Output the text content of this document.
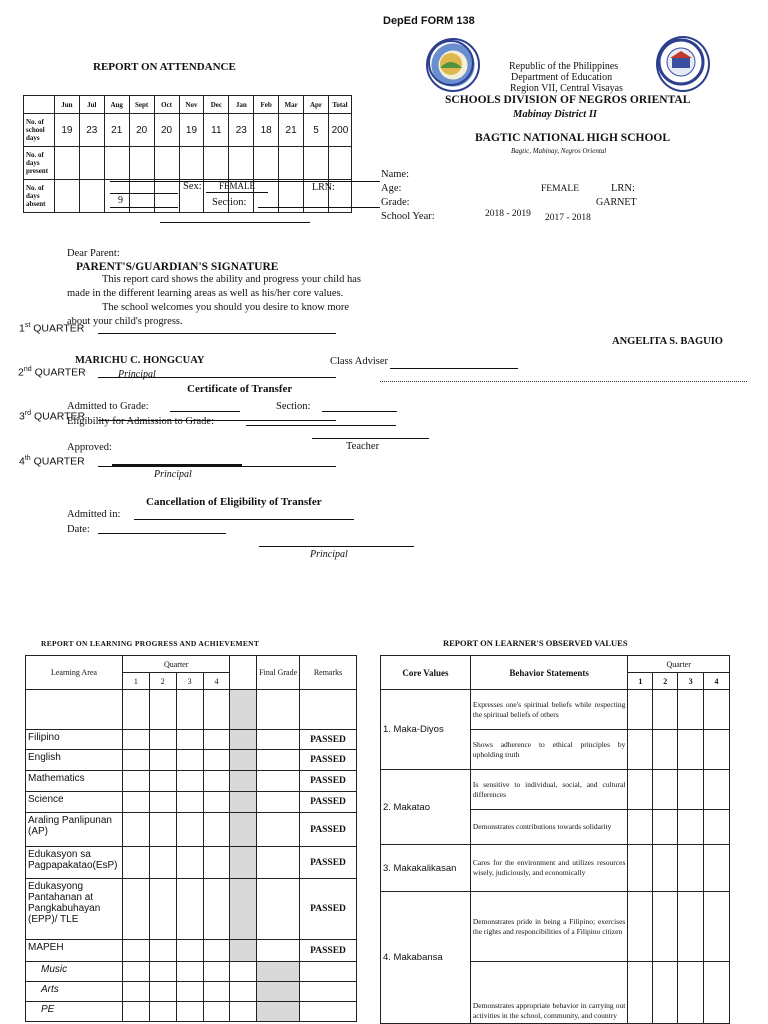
DepEd FORM 138
Republic of the Philippines
Department of Education
Region VII, Central Visayas
SCHOOLS DIVISION OF NEGROS ORIENTAL
Mabinay District II
BAGTIC NATIONAL HIGH SCHOOL
Bagtic, Mabinay, Negros Oriental
REPORT ON ATTENDANCE
	Jun	Jul	Aug	Sept	Oct	Nov	Dec	Jan	Feb	Mar	Apr	Total
No. of school days	19	23	21	20	20	19	11	23	18	21	5	200
No. of days present												
No. of days absent												
Sex: FEMALE	LRN:
9	Section:
Name:
Age:	FEMALE	LRN:
Grade:	GARNET
School Year:	2018 - 2019 2017 - 2018
Dear Parent:
PARENT'S/GUARDIAN'S SIGNATURE
This report card shows the ability and progress your child has
made in the different learning areas as well as his/her core values.
The school welcomes you should you desire to know more
about your child's progress.
1st QUARTER
2nd QUARTER
3rd QUARTER
4th QUARTER
MARICHU C. HONGCUAY
Principal
Class Adviser
ANGELITA S. BAGUIO
Certificate of Transfer
Admitted to Grade:	Section:
Eligibility for Admission to Grade:
Approved:	Teacher
Principal
Cancellation of Eligibility of Transfer
Admitted in:
Date:
Principal
REPORT ON LEARNING PROGRESS AND ACHIEVEMENT
Learning Area	Quarter					Final Grade	Remarks
	1	2	3	4			

Filipino							PASSED
English							PASSED
Mathematics							PASSED
Science							PASSED
Araling Panlipunan (AP)							PASSED
Edukasyon sa Pagpapakatao(EsP)							PASSED
Edukasyong Pantahanan at Pangkabuhayan (EPP)/ TLE							PASSED
MAPEH							PASSED
Music							
Arts							
PE							
REPORT ON LEARNER'S OBSERVED VALUES
Core Values	Behavior Statements	Quarter			
		1	2	3	4
1. Maka-Diyos	Expresses one's spiritual beliefs while respecting the spiritual beliefs of others				
	Shows adherence to ethical principles by upholding truth				
2. Makatao	Is sensitive to individual, social, and cultural differences				
	Demonstrates contributions towards solidarity				
3. Makakalikasan	Cares for the environment and utilizes resources wisely, judiciously, and economically				
4. Makabansa	Demonstrates pride in being a Filipino; exercises the rights and responcibilities of a Filipino citizen				
	Demonstrates appropriate behavior in carrying out activities in the school, community, and country				
